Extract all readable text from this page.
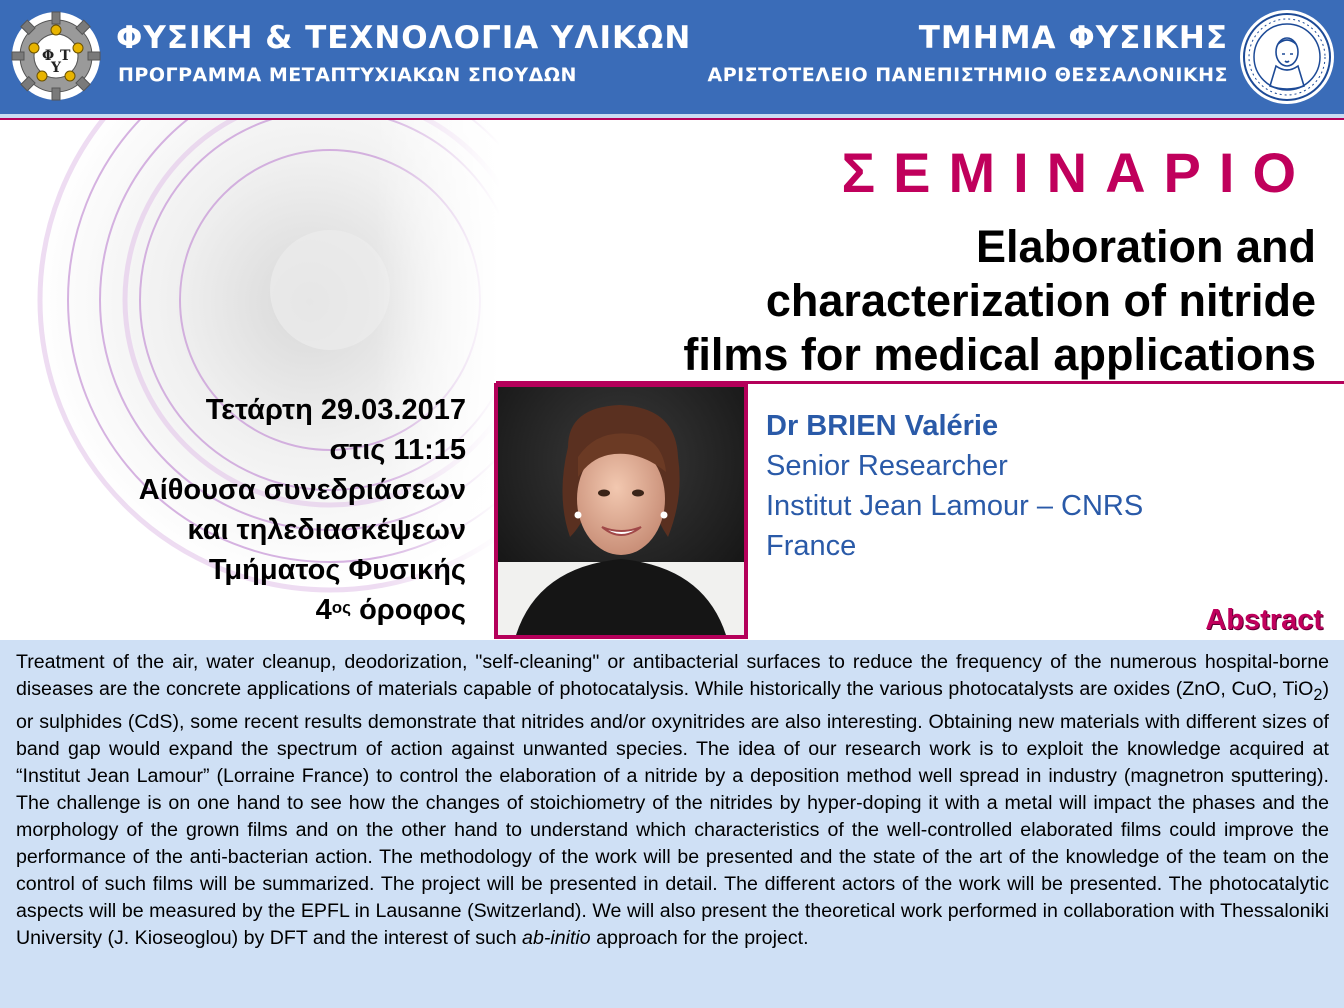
Φ Τ
Υ
ΦΥΣΙΚΗ & ΤΕΧΝΟΛΟΓΙΑ ΥΛΙΚΩΝ
ΠΡΟΓΡΑΜΜΑ ΜΕΤΑΠΤΥΧΙΑΚΩΝ ΣΠΟΥΔΩΝ
ΤΜΗΜΑ ΦΥΣΙΚΗΣ
ΑΡΙΣΤΟΤΕΛΕΙΟ ΠΑΝΕΠΙΣΤΗΜΙΟ ΘΕΣΣΑΛΟΝΙΚΗΣ
ΣΕΜΙΝΑΡΙΟ
Elaboration and
characterization of nitride
films for medical applications
Τετάρτη 29.03.2017
στις 11:15
Αίθουσα συνεδριάσεων
και τηλεδιασκέψεων
Τμήματος Φυσικής
$4^{o\varsigma}$ όροφος
Dr BRIEN Valérie
Senior Researcher
Institut Jean Lamour – CNRS
France
Abstract
Treatment of the air, water cleanup, deodorization, "self-cleaning" or antibacterial surfaces to reduce the frequency of the numerous hospital-borne diseases are the concrete applications of materials capable of photocatalysis. While historically the various photocatalysts are oxides (ZnO, CuO, TiO$_2$) or sulphides (CdS), some recent results demonstrate that nitrides and/or oxynitrides are also interesting. Obtaining new materials with different sizes of band gap would expand the spectrum of action against unwanted species. The idea of our research work is to exploit the knowledge acquired at “Institut Jean Lamour” (Lorraine France) to control the elaboration of a nitride by a deposition method well spread in industry (magnetron sputtering). The challenge is on one hand to see how the changes of stoichiometry of the nitrides by hyper-doping it with a metal will impact the phases and the morphology of the grown films and on the other hand to understand which characteristics of the well-controlled elaborated films could improve the performance of the anti-bacterian action. The methodology of the work will be presented and the state of the art of the knowledge of the team on the control of such films will be summarized. The project will be presented in detail. The different actors of the work will be presented. The photocatalytic aspects will be measured by the EPFL in Lausanne (Switzerland). We will also present the theoretical work performed in collaboration with Thessaloniki University (J. Kioseoglou) by DFT and the interest of such ab-initio approach for the project.
